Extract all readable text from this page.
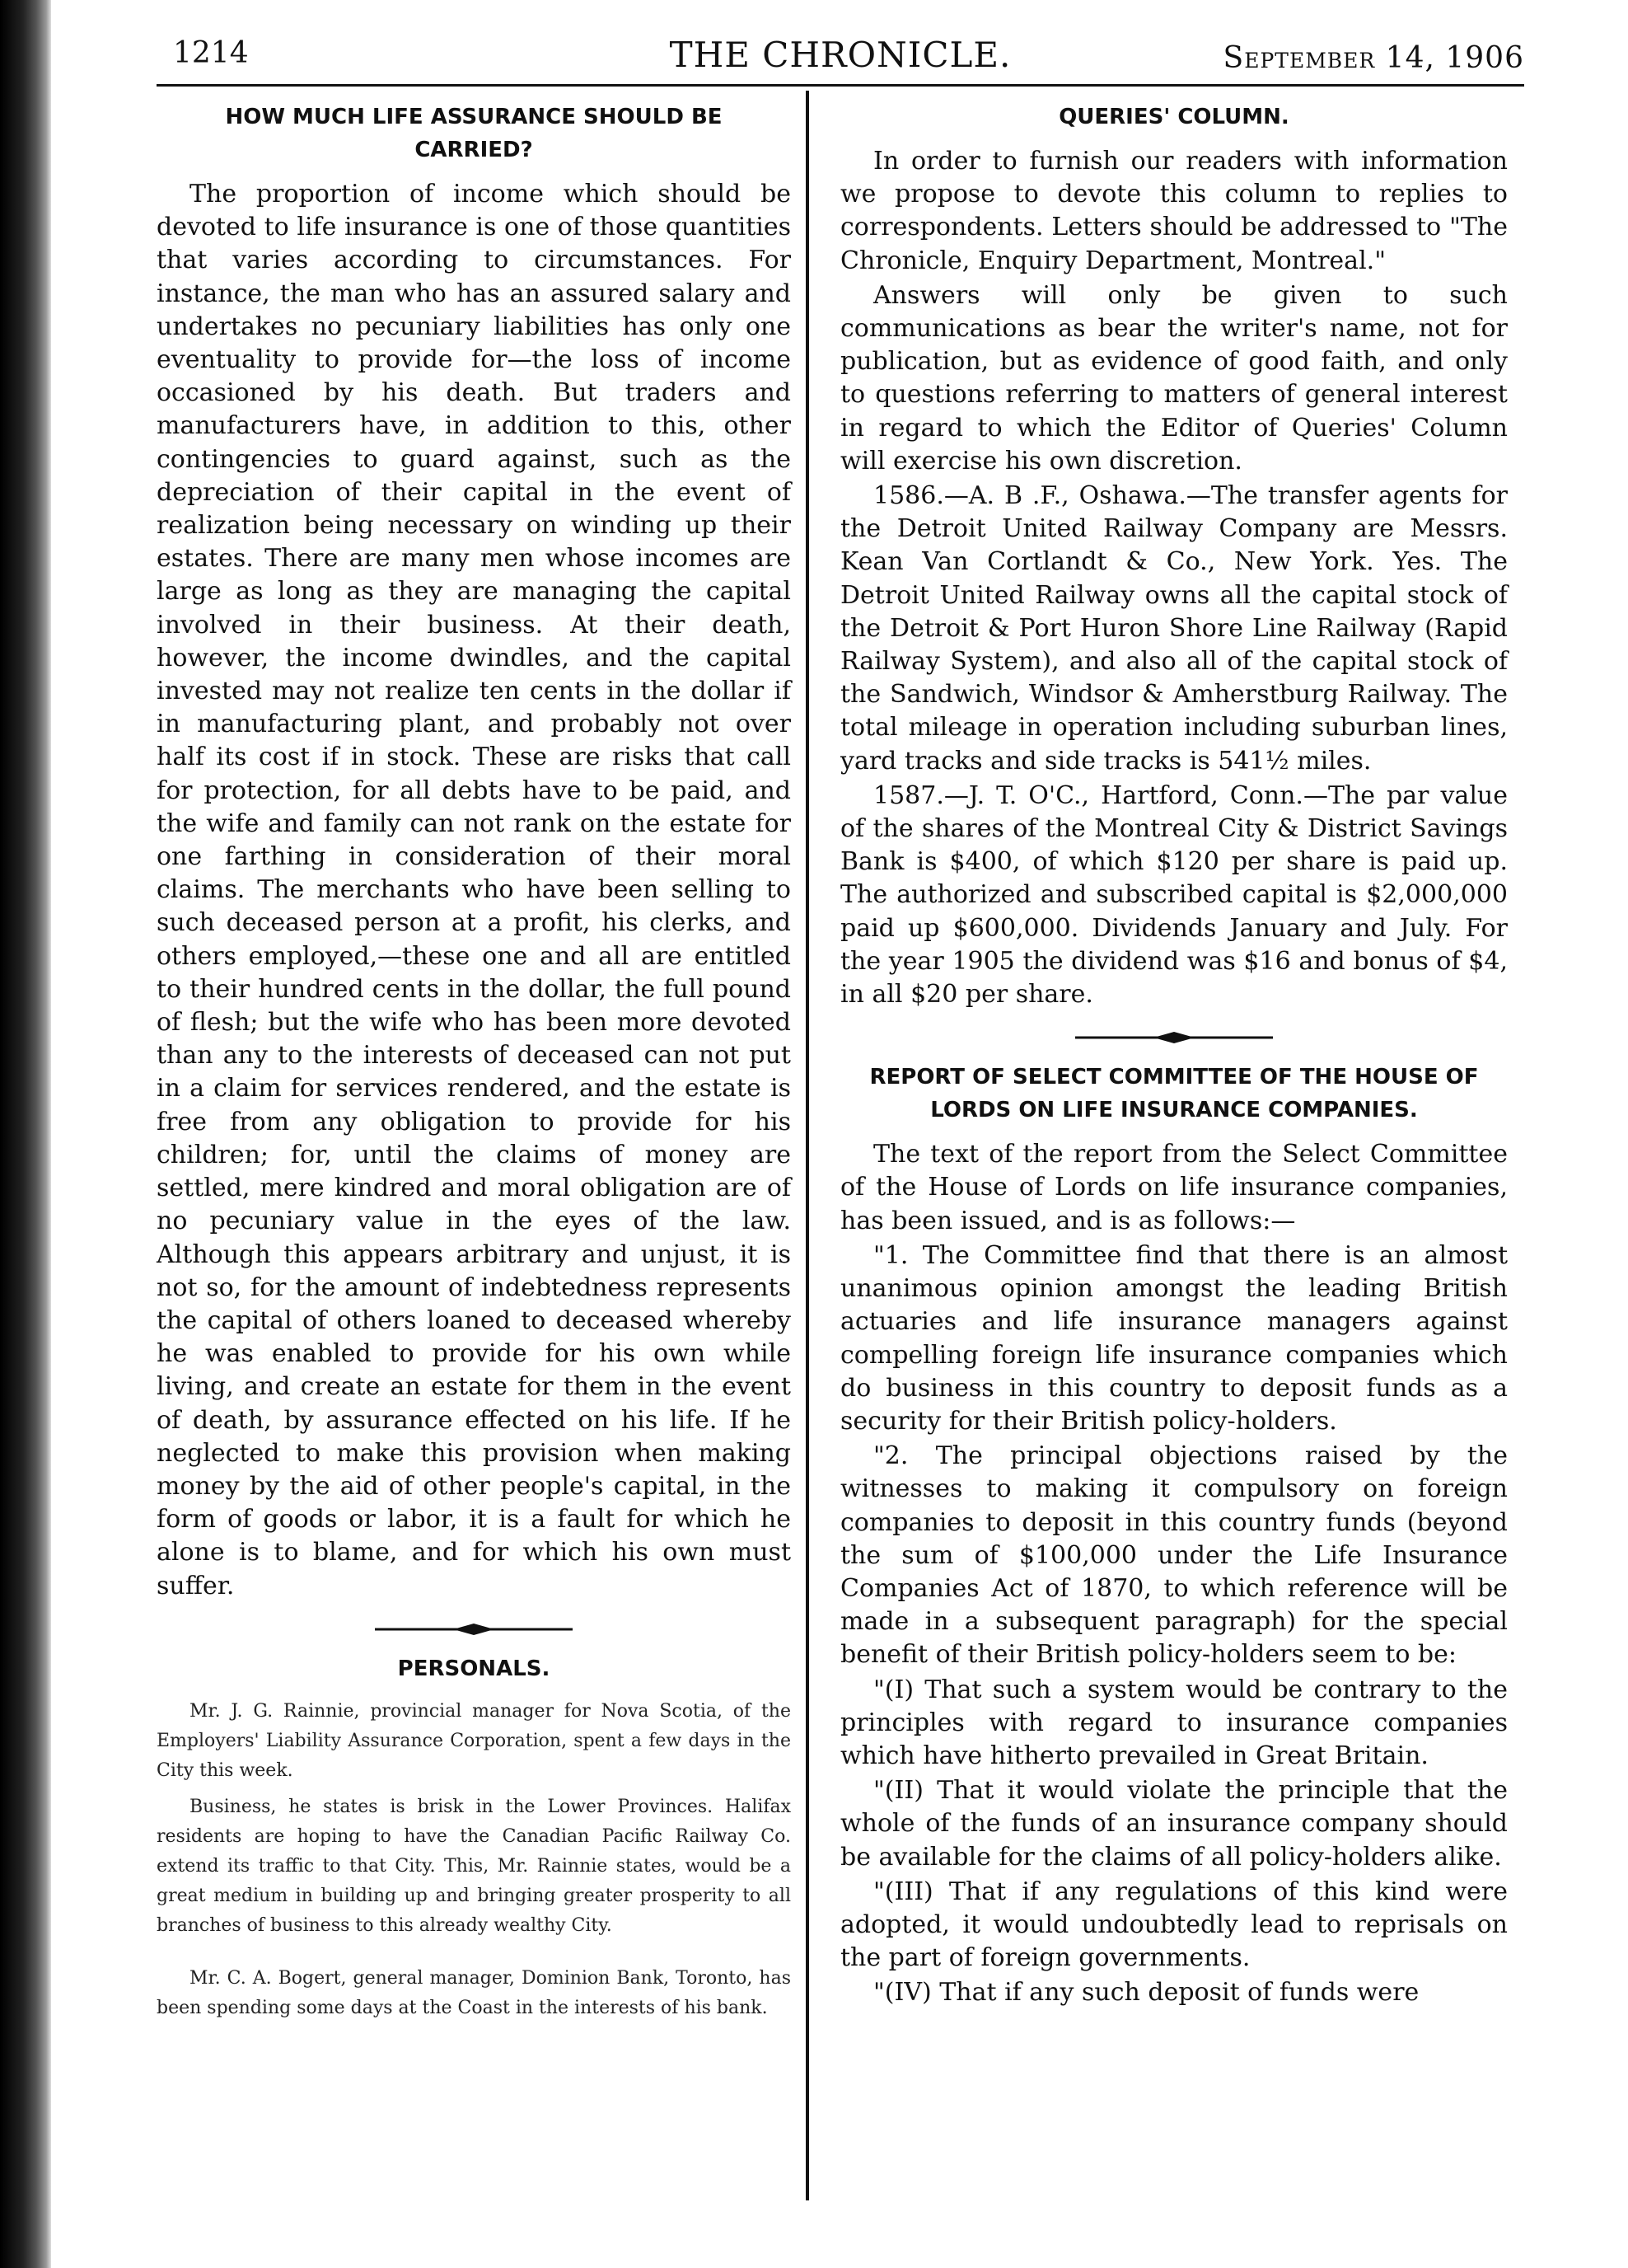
1214	THE CHRONICLE.	September 14, 1906
HOW MUCH LIFE ASSURANCE SHOULD BE CARRIED?

The proportion of income which should be devoted to life insurance is one of those quantities that varies according to circumstances. For instance, the man who has an assured salary and undertakes no pecuniary liabilities has only one eventuality to provide for—the loss of income occasioned by his death. But traders and manufacturers have, in addition to this, other contingencies to guard against, such as the depreciation of their capital in the event of realization being necessary on winding up their estates. There are many men whose incomes are large as long as they are managing the capital involved in their business. At their death, however, the income dwindles, and the capital invested may not realize ten cents in the dollar if in manufacturing plant, and probably not over half its cost if in stock. These are risks that call for protection, for all debts have to be paid, and the wife and family can not rank on the estate for one farthing in consideration of their moral claims. The merchants who have been selling to such deceased person at a profit, his clerks, and others employed,—these one and all are entitled to their hundred cents in the dollar, the full pound of flesh; but the wife who has been more devoted than any to the interests of deceased can not put in a claim for services rendered, and the estate is free from any obligation to provide for his children; for, until the claims of money are settled, mere kindred and moral obligation are of no pecuniary value in the eyes of the law. Although this appears arbitrary and unjust, it is not so, for the amount of indebtedness represents the capital of others loaned to deceased whereby he was enabled to provide for his own while living, and create an estate for them in the event of death, by assurance effected on his life. If he neglected to make this provision when making money by the aid of other people's capital, in the form of goods or labor, it is a fault for which he alone is to blame, and for which his own must suffer.

PERSONALS.

Mr. J. G. Rainnie, provincial manager for Nova Scotia, of the Employers' Liability Assurance Corporation, spent a few days in the City this week.

Business, he states is brisk in the Lower Provinces. Halifax residents are hoping to have the Canadian Pacific Railway Co. extend its traffic to that City. This, Mr. Rainnie states, would be a great medium in building up and bringing greater prosperity to all branches of business to this already wealthy City.

Mr. C. A. Bogert, general manager, Dominion Bank, Toronto, has been spending some days at the Coast in the interests of his bank.

QUERIES' COLUMN.

In order to furnish our readers with information we propose to devote this column to replies to correspondents. Letters should be addressed to "The Chronicle, Enquiry Department, Montreal."

Answers will only be given to such communications as bear the writer's name, not for publication, but as evidence of good faith, and only to questions referring to matters of general interest in regard to which the Editor of Queries' Column will exercise his own discretion.

1586.—A. B .F., Oshawa.—The transfer agents for the Detroit United Railway Company are Messrs. Kean Van Cortlandt & Co., New York. Yes. The Detroit United Railway owns all the capital stock of the Detroit & Port Huron Shore Line Railway (Rapid Railway System), and also all of the capital stock of the Sandwich, Windsor & Amherstburg Railway. The total mileage in operation including suburban lines, yard tracks and side tracks is 541½ miles.

1587.—J. T. O'C., Hartford, Conn.—The par value of the shares of the Montreal City & District Savings Bank is $400, of which $120 per share is paid up. The authorized and subscribed capital is $2,000,000 paid up $600,000. Dividends January and July. For the year 1905 the dividend was $16 and bonus of $4, in all $20 per share.

REPORT OF SELECT COMMITTEE OF THE HOUSE OF LORDS ON LIFE INSURANCE COMPANIES.

The text of the report from the Select Committee of the House of Lords on life insurance companies, has been issued, and is as follows:—

"1. The Committee find that there is an almost unanimous opinion amongst the leading British actuaries and life insurance managers against compelling foreign life insurance companies which do business in this country to deposit funds as a security for their British policy-holders.

"2. The principal objections raised by the witnesses to making it compulsory on foreign companies to deposit in this country funds (beyond the sum of $100,000 under the Life Insurance Companies Act of 1870, to which reference will be made in a subsequent paragraph) for the special benefit of their British policy-holders seem to be:

"(I) That such a system would be contrary to the principles with regard to insurance companies which have hitherto prevailed in Great Britain.

"(II) That it would violate the principle that the whole of the funds of an insurance company should be available for the claims of all policy-holders alike.

"(III) That if any regulations of this kind were adopted, it would undoubtedly lead to reprisals on the part of foreign governments.

"(IV) That if any such deposit of funds were
